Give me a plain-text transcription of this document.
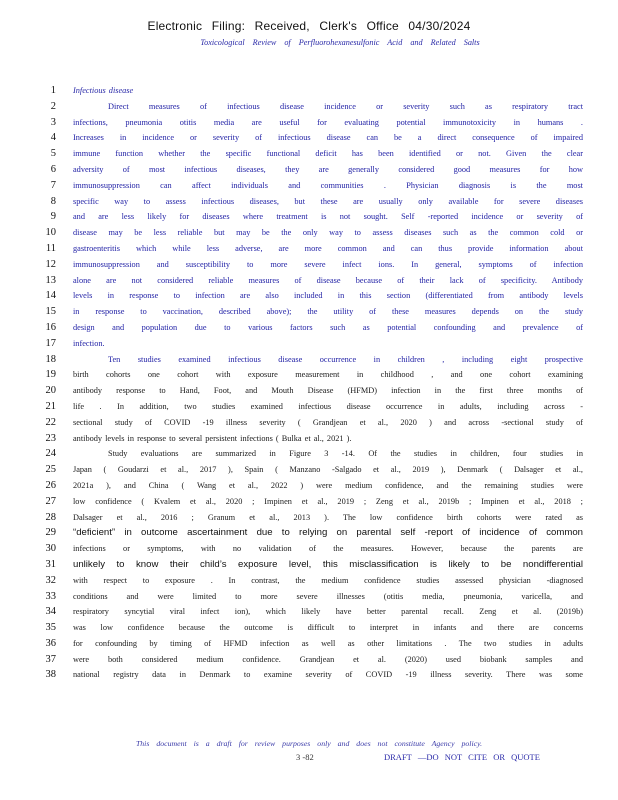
Electronic Filing: Received, Clerk's Office 04/30/2024
Toxicological Review of Perfluorohexanesulfonic Acid and Related Salts
1 Infectious disease
2	Direct measures of infectious disease incidence or severity such as respiratory tract
3 infections, pneumonia otitis media are useful for evaluating potential immunotoxicity in humans .
4 Increases in incidence or severity of infectious disease can be a direct consequence of impaired
5 immune function whether the specific functional deficit has been identified or not. Given the clear
6 adversity of most infectious diseases, they are generally considered good measures for how
7 immunosuppression can affect individuals and communities . Physician diagnosis is the most
8 specific way to assess infectious diseases, but these are usually only available for severe diseases
9 and are less likely for diseases where treatment is not sought. Self -reported incidence or severity of
10 disease may be less reliable but may be the only way to assess diseases such as the common cold or
11 gastroenteritis which while less adverse, are more common and can thus provide information about
12 immunosuppression and susceptibility to more severe infect ions. In general, symptoms of infection
13 alone are not considered reliable measures of disease because of their lack of specificity. Antibody
14 levels in response to infection are also included in this section (differentiated from antibody levels
15 in response to vaccination, described above); the utility of these measures depends on the study
16 design and population due to various factors such as potential confounding and prevalence of
17 infection.
18	Ten studies examined infectious disease occurrence in children , including eight prospective
19 birth cohorts one cohort with exposure measurement in childhood , and one cohort examining
20 antibody response to Hand, Foot, and Mouth Disease (HFMD) infection in the first three months of
21 life . In addition, two studies examined infectious disease occurrence in adults, including across -
22 sectional study of COVID -19 illness severity ( Grandjean et al., 2020 ) and across -sectional study of
23 antibody levels in response to several persistent infections ( Bulka et al., 2021 ).
24	Study evaluations are summarized in Figure 3 -14. Of the studies in children, four studies in
25 Japan ( Goudarzi et al., 2017 ), Spain ( Manzano -Salgado et al., 2019 ), Denmark ( Dalsager et al.,
26 2021a ), and China ( Wang et al., 2022 ) were medium confidence, and the remaining studies were
27 low confidence ( Kvalem et al., 2020 ; Impinen et al., 2019 ; Zeng et al., 2019b ; Impinen et al., 2018 ;
28 Dalsager et al., 2016 ; Granum et al., 2013 ). The low confidence birth cohorts were rated as
29 “deficient” in outcome ascertainment due to relying on parental self -report of incidence of common
30 infections or symptoms, with no validation of the measures. However, because the parents are
31 unlikely to know their child’s exposure level, this misclassification is likely to be nondifferential
32 with respect to exposure . In contrast, the medium confidence studies assessed physician -diagnosed
33 conditions and were limited to more severe illnesses (otitis media, pneumonia, varicella, and
34 respiratory syncytial viral infect ion), which likely have better parental recall. Zeng et al. (2019b)
35 was low confidence because the outcome is difficult to interpret in infants and there are concerns
36 for confounding by timing of HFMD infection as well as other limitations . The two studies in adults
37 were both considered medium confidence. Grandjean et al. (2020) used biobank samples and
38 national registry data in Denmark to examine severity of COVID -19 illness severity. There was some
This document is a draft for review purposes only and does not constitute Agency policy.
3 -82	DRAFT —DO NOT CITE OR QUOTE
